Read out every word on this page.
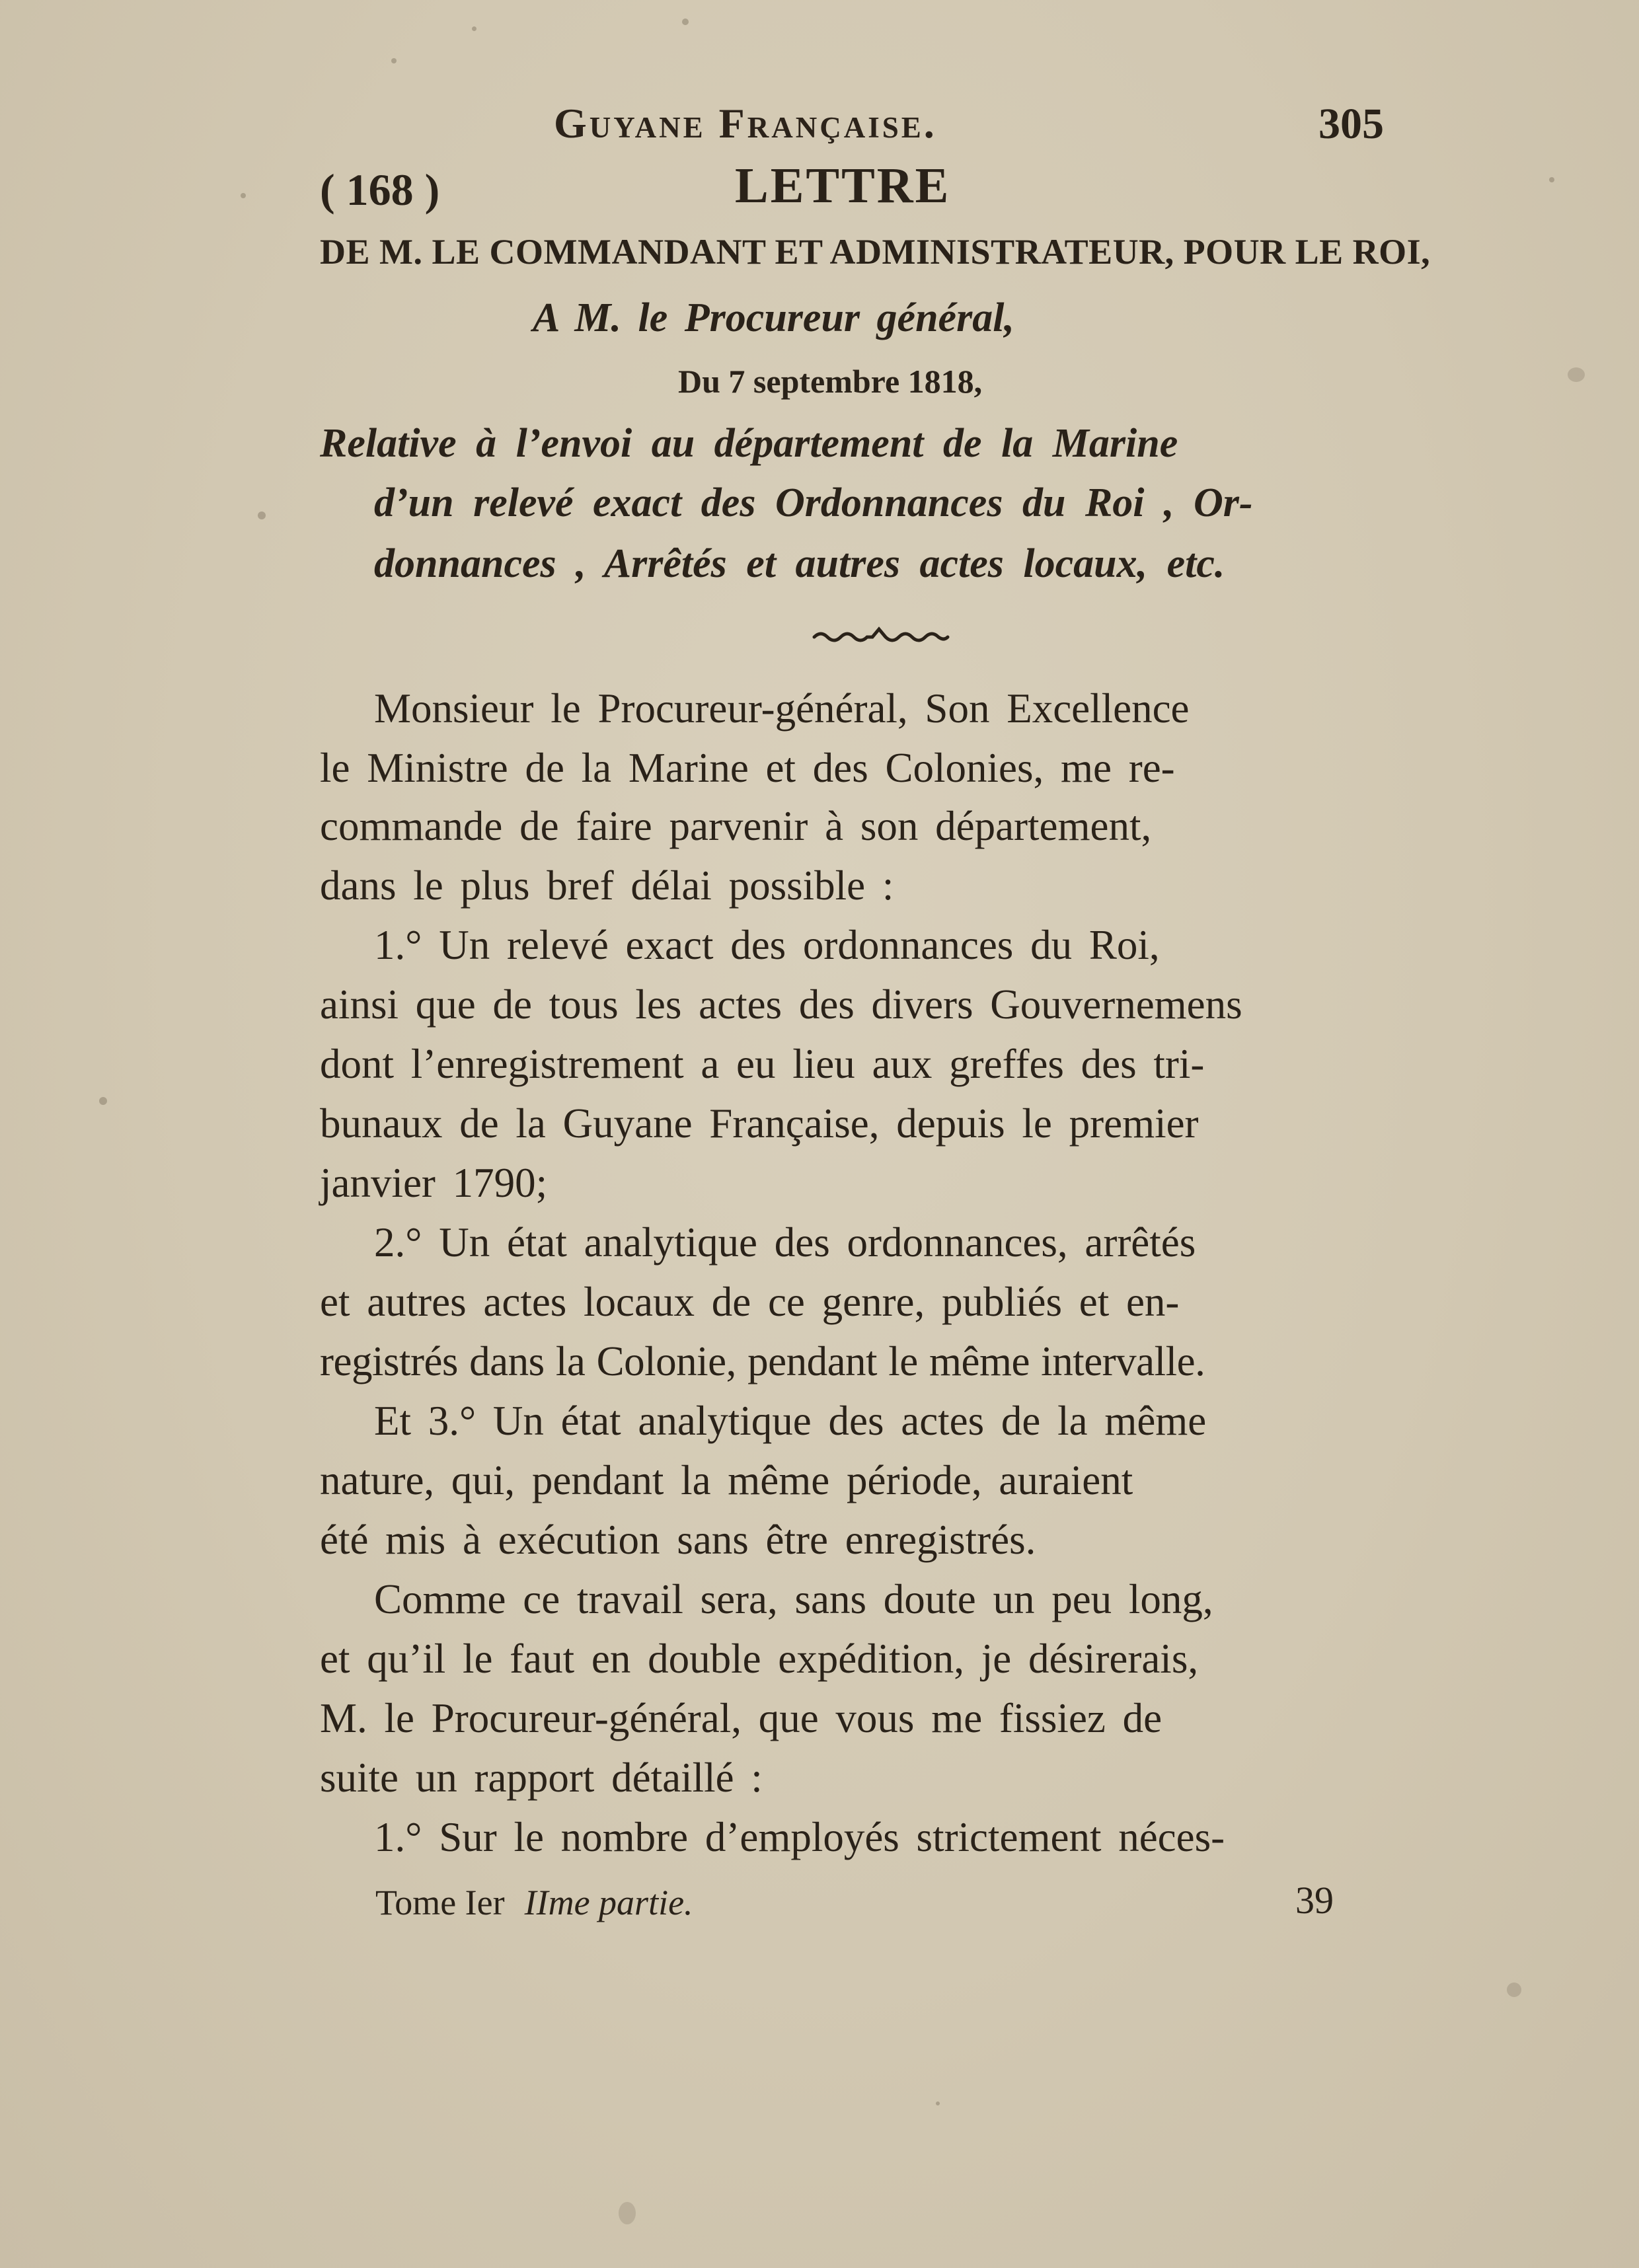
Guyane Française.	305
( 168 )	LETTRE
DE M. LE COMMANDANT ET ADMINISTRATEUR, POUR LE ROI,
A M. le Procureur général,
Du 7 septembre 1818,
Relative à l’envoi au département de la Marine
d’un relevé exact des Ordonnances du Roi , Or-
donnances , Arrêtés et autres actes locaux, etc.
Monsieur le Procureur-général, Son Excellence
le Ministre de la Marine et des Colonies, me re-
commande de faire parvenir à son département,
dans le plus bref délai possible :
1.° Un relevé exact des ordonnances du Roi,
ainsi que de tous les actes des divers Gouvernemens
dont l’enregistrement a eu lieu aux greffes des tri-
bunaux de la Guyane Française, depuis le premier
janvier 1790;
2.° Un état analytique des ordonnances, arrêtés
et autres actes locaux de ce genre, publiés et en-
registrés dans la Colonie, pendant le même intervalle.
Et 3.° Un état analytique des actes de la même
nature, qui, pendant la même période, auraient
été mis à exécution sans être enregistrés.
Comme ce travail sera, sans doute un peu long,
et qu’il le faut en double expédition, je désirerais,
M. le Procureur-général, que vous me fissiez de
suite un rapport détaillé :
1.° Sur le nombre d’employés strictement néces-
Tome Ier IIme partie.	39
